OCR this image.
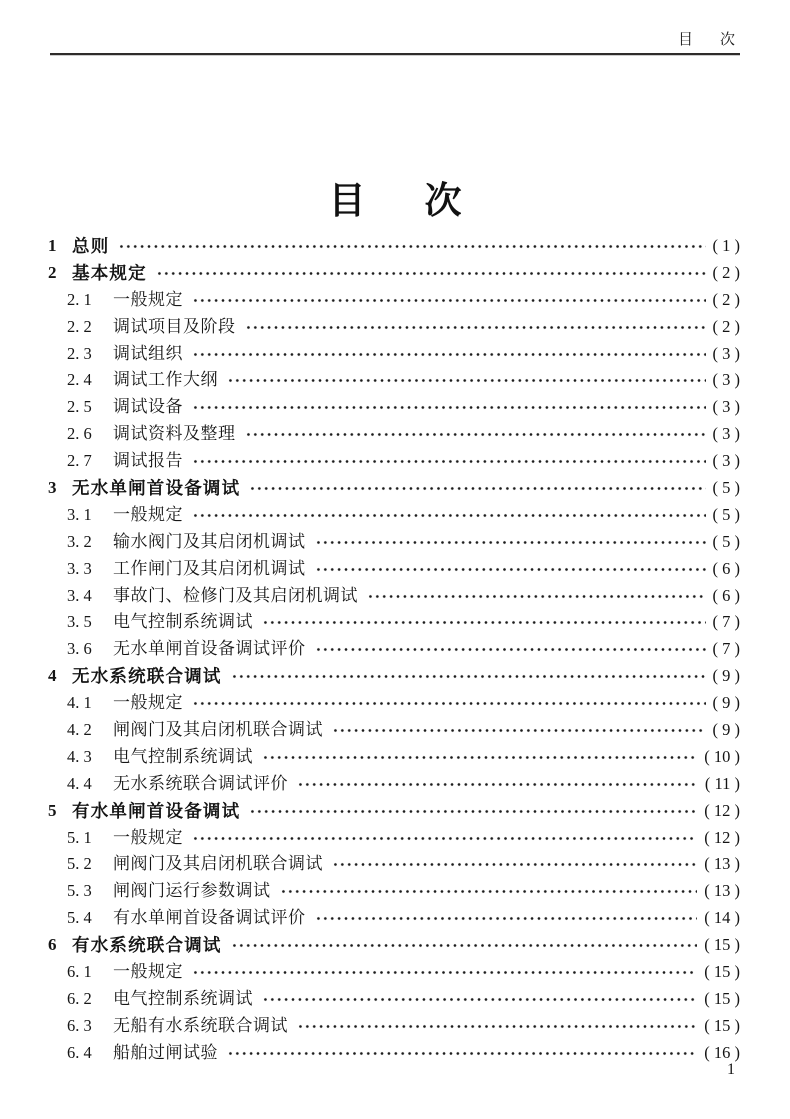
目次
目次
1 总则	( 1 )
2 基本规定	( 2 )
2. 1	一般规定	( 2 )
2. 2	调试项目及阶段	( 2 )
2. 3	调试组织	( 3 )
2. 4	调试工作大纲	( 3 )
2. 5	调试设备	( 3 )
2. 6	调试资料及整理	( 3 )
2. 7	调试报告	( 3 )
3 无水单闸首设备调试	( 5 )
3. 1	一般规定	( 5 )
3. 2	输水阀门及其启闭机调试	( 5 )
3. 3	工作闸门及其启闭机调试	( 6 )
3. 4	事故门、检修门及其启闭机调试	( 6 )
3. 5	电气控制系统调试	( 7 )
3. 6	无水单闸首设备调试评价	( 7 )
4 无水系统联合调试	( 9 )
4. 1	一般规定	( 9 )
4. 2	闸阀门及其启闭机联合调试	( 9 )
4. 3	电气控制系统调试	( 10 )
4. 4	无水系统联合调试评价	( 11 )
5 有水单闸首设备调试	( 12 )
5. 1	一般规定	( 12 )
5. 2	闸阀门及其启闭机联合调试	( 13 )
5. 3	闸阀门运行参数调试	( 13 )
5. 4	有水单闸首设备调试评价	( 14 )
6 有水系统联合调试	( 15 )
6. 1	一般规定	( 15 )
6. 2	电气控制系统调试	( 15 )
6. 3	无船有水系统联合调试	( 15 )
6. 4	船舶过闸试验	( 16 )
1
